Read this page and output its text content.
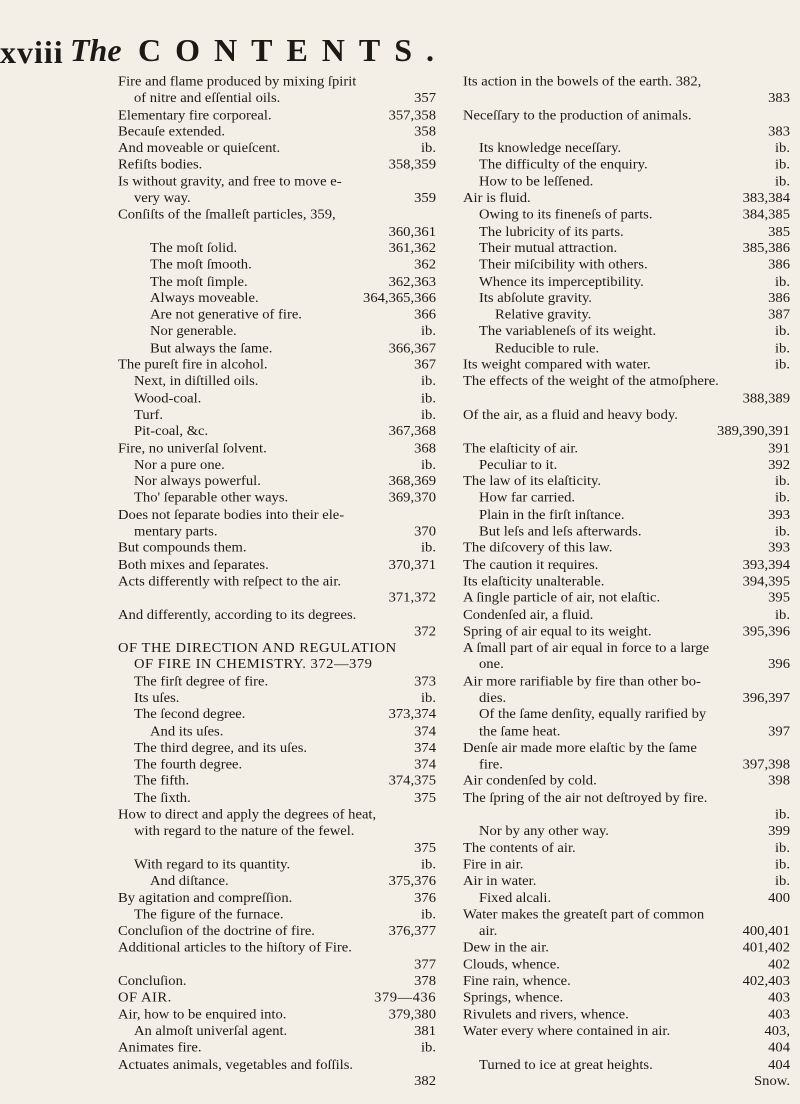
xviii The CONTENTS.
Fire and flame produced by mixing ſpirit
of nitre and eſſential oils.	357
Elementary fire corporeal.	357,358
Becauſe extended.	358
And moveable or quieſcent.	ib.
Refiſts bodies.	358,359
Is without gravity, and free to move e-
very way.	359
Conſiſts of the ſmalleſt particles, 359,
360,361
The moſt ſolid.	361,362
The moſt ſmooth.	362
The moſt ſimple.	362,363
Always moveable.	364,365,366
Are not generative of fire.	366
Nor generable.	ib.
But always the ſame.	366,367
The pureſt fire in alcohol.	367
Next, in diſtilled oils.	ib.
Wood-coal.	ib.
Turf.	ib.
Pit-coal, &c.	367,368
Fire, no univerſal ſolvent.	368
Nor a pure one.	ib.
Nor always powerful.	368,369
Tho' ſeparable other ways.	369,370
Does not ſeparate bodies into their ele-
mentary parts.	370
But compounds them.	ib.
Both mixes and ſeparates.	370,371
Acts differently with reſpect to the air.
371,372
And differently, according to its degrees.
372
OF THE DIRECTION AND REGULATION
OF FIRE IN CHEMISTRY. 372—379
The firſt degree of fire.	373
Its uſes.	ib.
The ſecond degree.	373,374
And its uſes.	374
The third degree, and its uſes.	374
The fourth degree.	374
The fifth.	374,375
The ſixth.	375
How to direct and apply the degrees of heat,
with regard to the nature of the fewel.
375
With regard to its quantity.	ib.
And diſtance.	375,376
By agitation and compreſſion.	376
The figure of the furnace.	ib.
Concluſion of the doctrine of fire.	376,377
Additional articles to the hiſtory of Fire.
377
Concluſion.	378
OF AIR.	379—436
Air, how to be enquired into.	379,380
An almoſt univerſal agent.	381
Animates fire.	ib.
Actuates animals, vegetables and foſſils.
382
Its action in the bowels of the earth. 382,
383
Neceſſary to the production of animals.
383
Its knowledge neceſſary.	ib.
The difficulty of the enquiry.	ib.
How to be leſſened.	ib.
Air is fluid.	383,384
Owing to its fineneſs of parts.	384,385
The lubricity of its parts.	385
Their mutual attraction.	385,386
Their miſcibility with others.	386
Whence its imperceptibility.	ib.
Its abſolute gravity.	386
Relative gravity.	387
The variableneſs of its weight.	ib.
Reducible to rule.	ib.
Its weight compared with water.	ib.
The effects of the weight of the atmoſphere.
388,389
Of the air, as a fluid and heavy body.
389,390,391
The elaſticity of air.	391
Peculiar to it.	392
The law of its elaſticity.	ib.
How far carried.	ib.
Plain in the firſt inſtance.	393
But leſs and leſs afterwards.	ib.
The diſcovery of this law.	393
The caution it requires.	393,394
Its elaſticity unalterable.	394,395
A ſingle particle of air, not elaſtic.	395
Condenſed air, a fluid.	ib.
Spring of air equal to its weight.	395,396
A ſmall part of air equal in force to a large
one.	396
Air more rarifiable by fire than other bo-
dies.	396,397
Of the ſame denſity, equally rarified by
the ſame heat.	397
Denſe air made more elaſtic by the ſame
fire.	397,398
Air condenſed by cold.	398
The ſpring of the air not deſtroyed by fire.
ib.
Nor by any other way.	399
The contents of air.	ib.
Fire in air.	ib.
Air in water.	ib.
Fixed alcali.	400
Water makes the greateſt part of common
air.	400,401
Dew in the air.	401,402
Clouds, whence.	402
Fine rain, whence.	402,403
Springs, whence.	403
Rivulets and rivers, whence.	403
Water every where contained in air.	403,
404
Turned to ice at great heights.	404
Snow.
